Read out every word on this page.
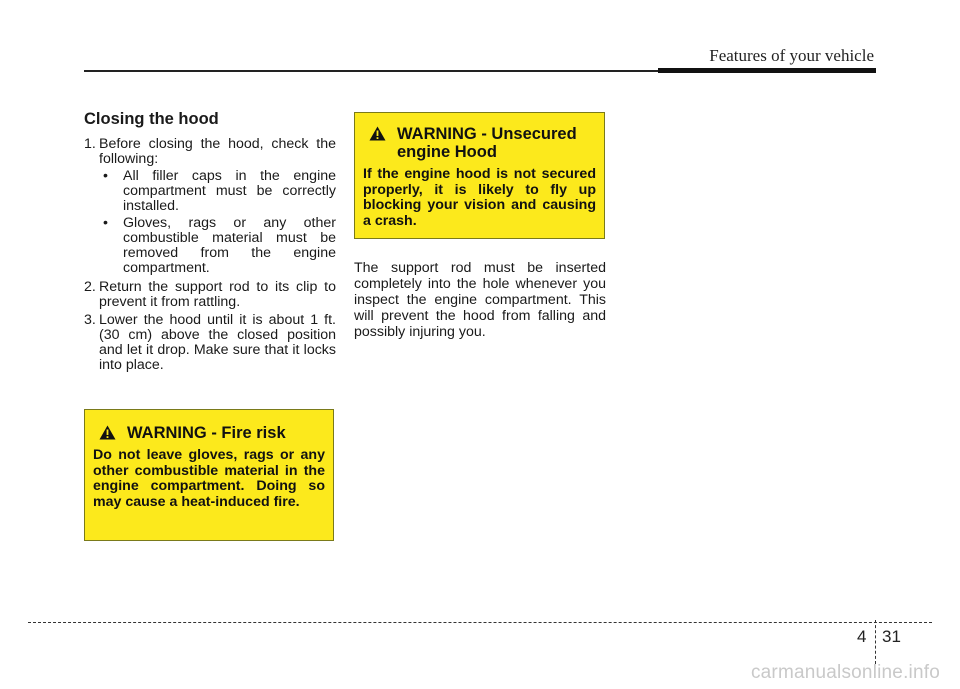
Features of your vehicle
Closing the hood
1. Before closing the hood, check the following:
• All filler caps in the engine compartment must be correctly installed.
• Gloves, rags or any other combustible material must be removed from the engine compartment.
2. Return the support rod to its clip to prevent it from rattling.
3. Lower the hood until it is about 1 ft. (30 cm) above the closed position and let it drop. Make sure that it locks into place.
WARNING - Fire risk
Do not leave gloves, rags or any other combustible material in the engine compartment. Doing so may cause a heat-induced fire.
WARNING - Unsecured engine Hood
If the engine hood is not secured properly, it is likely to fly up blocking your vision and causing a crash.
The support rod must be inserted completely into the hole whenever you inspect the engine compartment. This will prevent the hood from falling and possibly injuring you.
4 31
carmanualsonline.info
